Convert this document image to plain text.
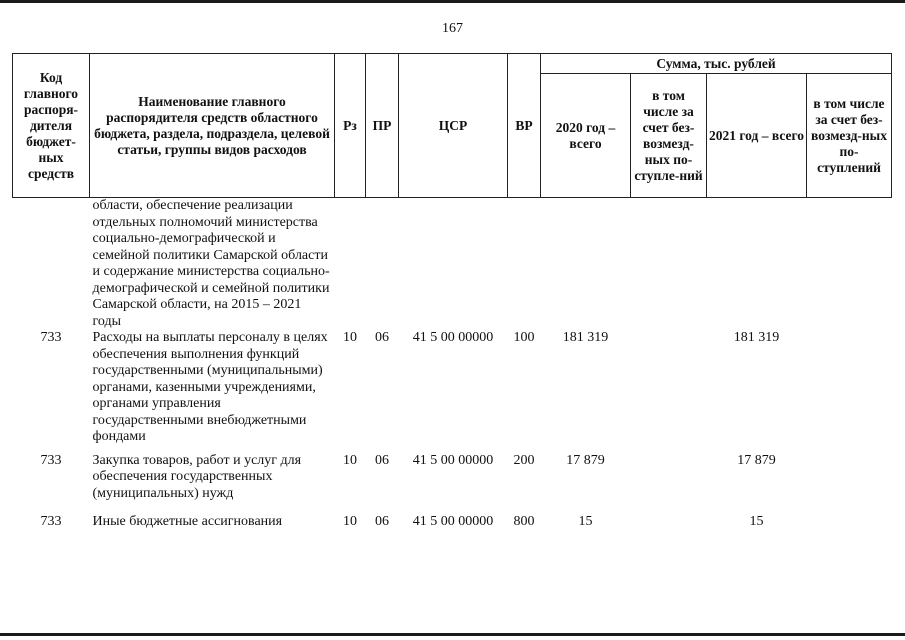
167
Код главного распоря-дителя бюджет-ных средств	Наименование главного распорядителя средств областного бюджета, раздела, подраздела, целевой статьи, группы видов расходов	Рз	ПР	ЦСР	ВР	Сумма, тыс. рублей			
						2020 год – всего	в том числе за счет без-возмезд-ных по-ступле-ний	2021 год – всего	в том числе за счет без-возмезд-ных по-ступлений
	области, обеспечение реализации отдельных полномочий министерства социально-демографической и семейной политики Самарской области и содержание министерства социально-демографической и семейной политики Самарской области, на 2015 – 2021 годы								
733	Расходы на выплаты персоналу в целях обеспечения выполнения функций государственными (муниципальными) органами, казенными учреждениями, органами управления государственными внебюджетными фондами	10	06	41 5 00 00000	100	181 319		181 319	
733	Закупка товаров, работ и услуг для обеспечения государственных (муниципальных) нужд	10	06	41 5 00 00000	200	17 879		17 879	
733	Иные бюджетные ассигнования	10	06	41 5 00 00000	800	15		15	
